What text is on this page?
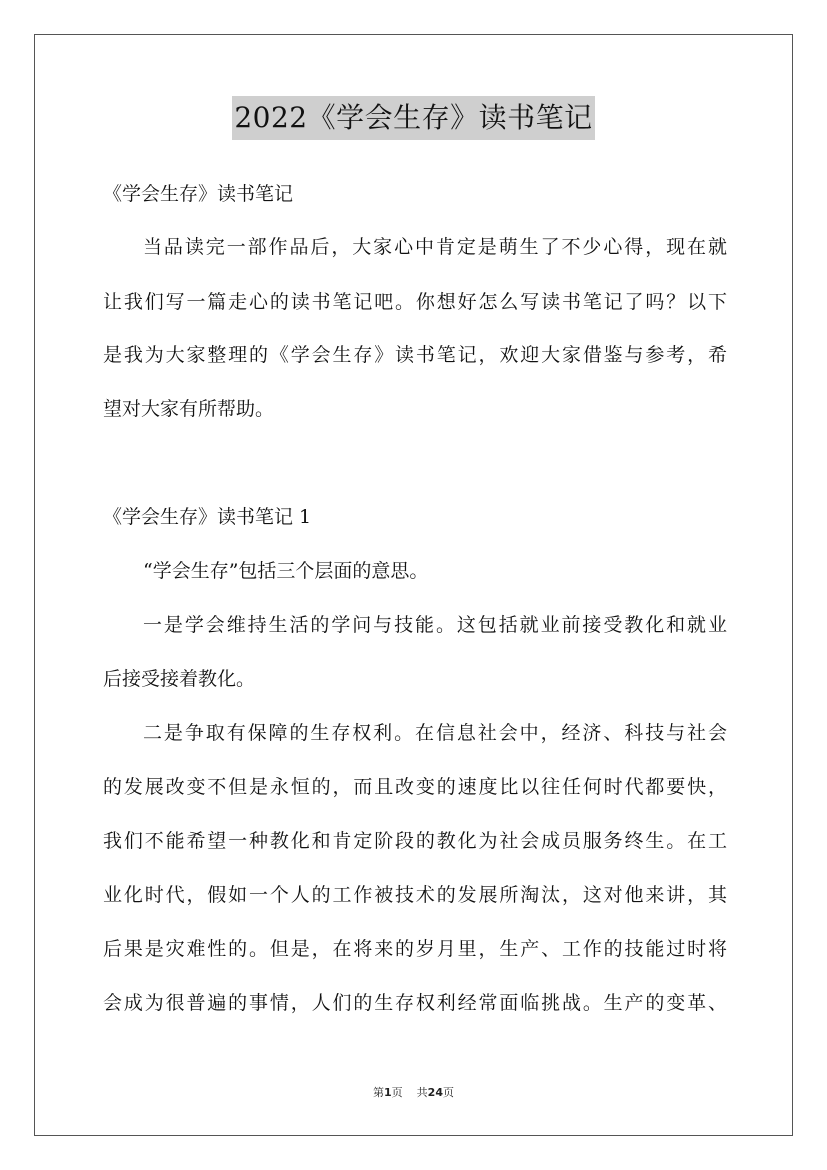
2022《学会生存》读书笔记
《学会生存》读书笔记
当品读完一部作品后，大家心中肯定是萌生了不少心得，现在就
让我们写一篇走心的读书笔记吧。你想好怎么写读书笔记了吗？以下
是我为大家整理的《学会生存》读书笔记，欢迎大家借鉴与参考，希
望对大家有所帮助。
《学会生存》读书笔记 1
“学会生存”包括三个层面的意思。
一是学会维持生活的学问与技能。这包括就业前接受教化和就业
后接受接着教化。
二是争取有保障的生存权利。在信息社会中，经济、科技与社会
的发展改变不但是永恒的，而且改变的速度比以往任何时代都要快，
我们不能希望一种教化和肯定阶段的教化为社会成员服务终生。在工
业化时代，假如一个人的工作被技术的发展所淘汰，这对他来讲，其
后果是灾难性的。但是，在将来的岁月里，生产、工作的技能过时将
会成为很普遍的事情，人们的生存权利经常面临挑战。生产的变革、
第1页 共24页
